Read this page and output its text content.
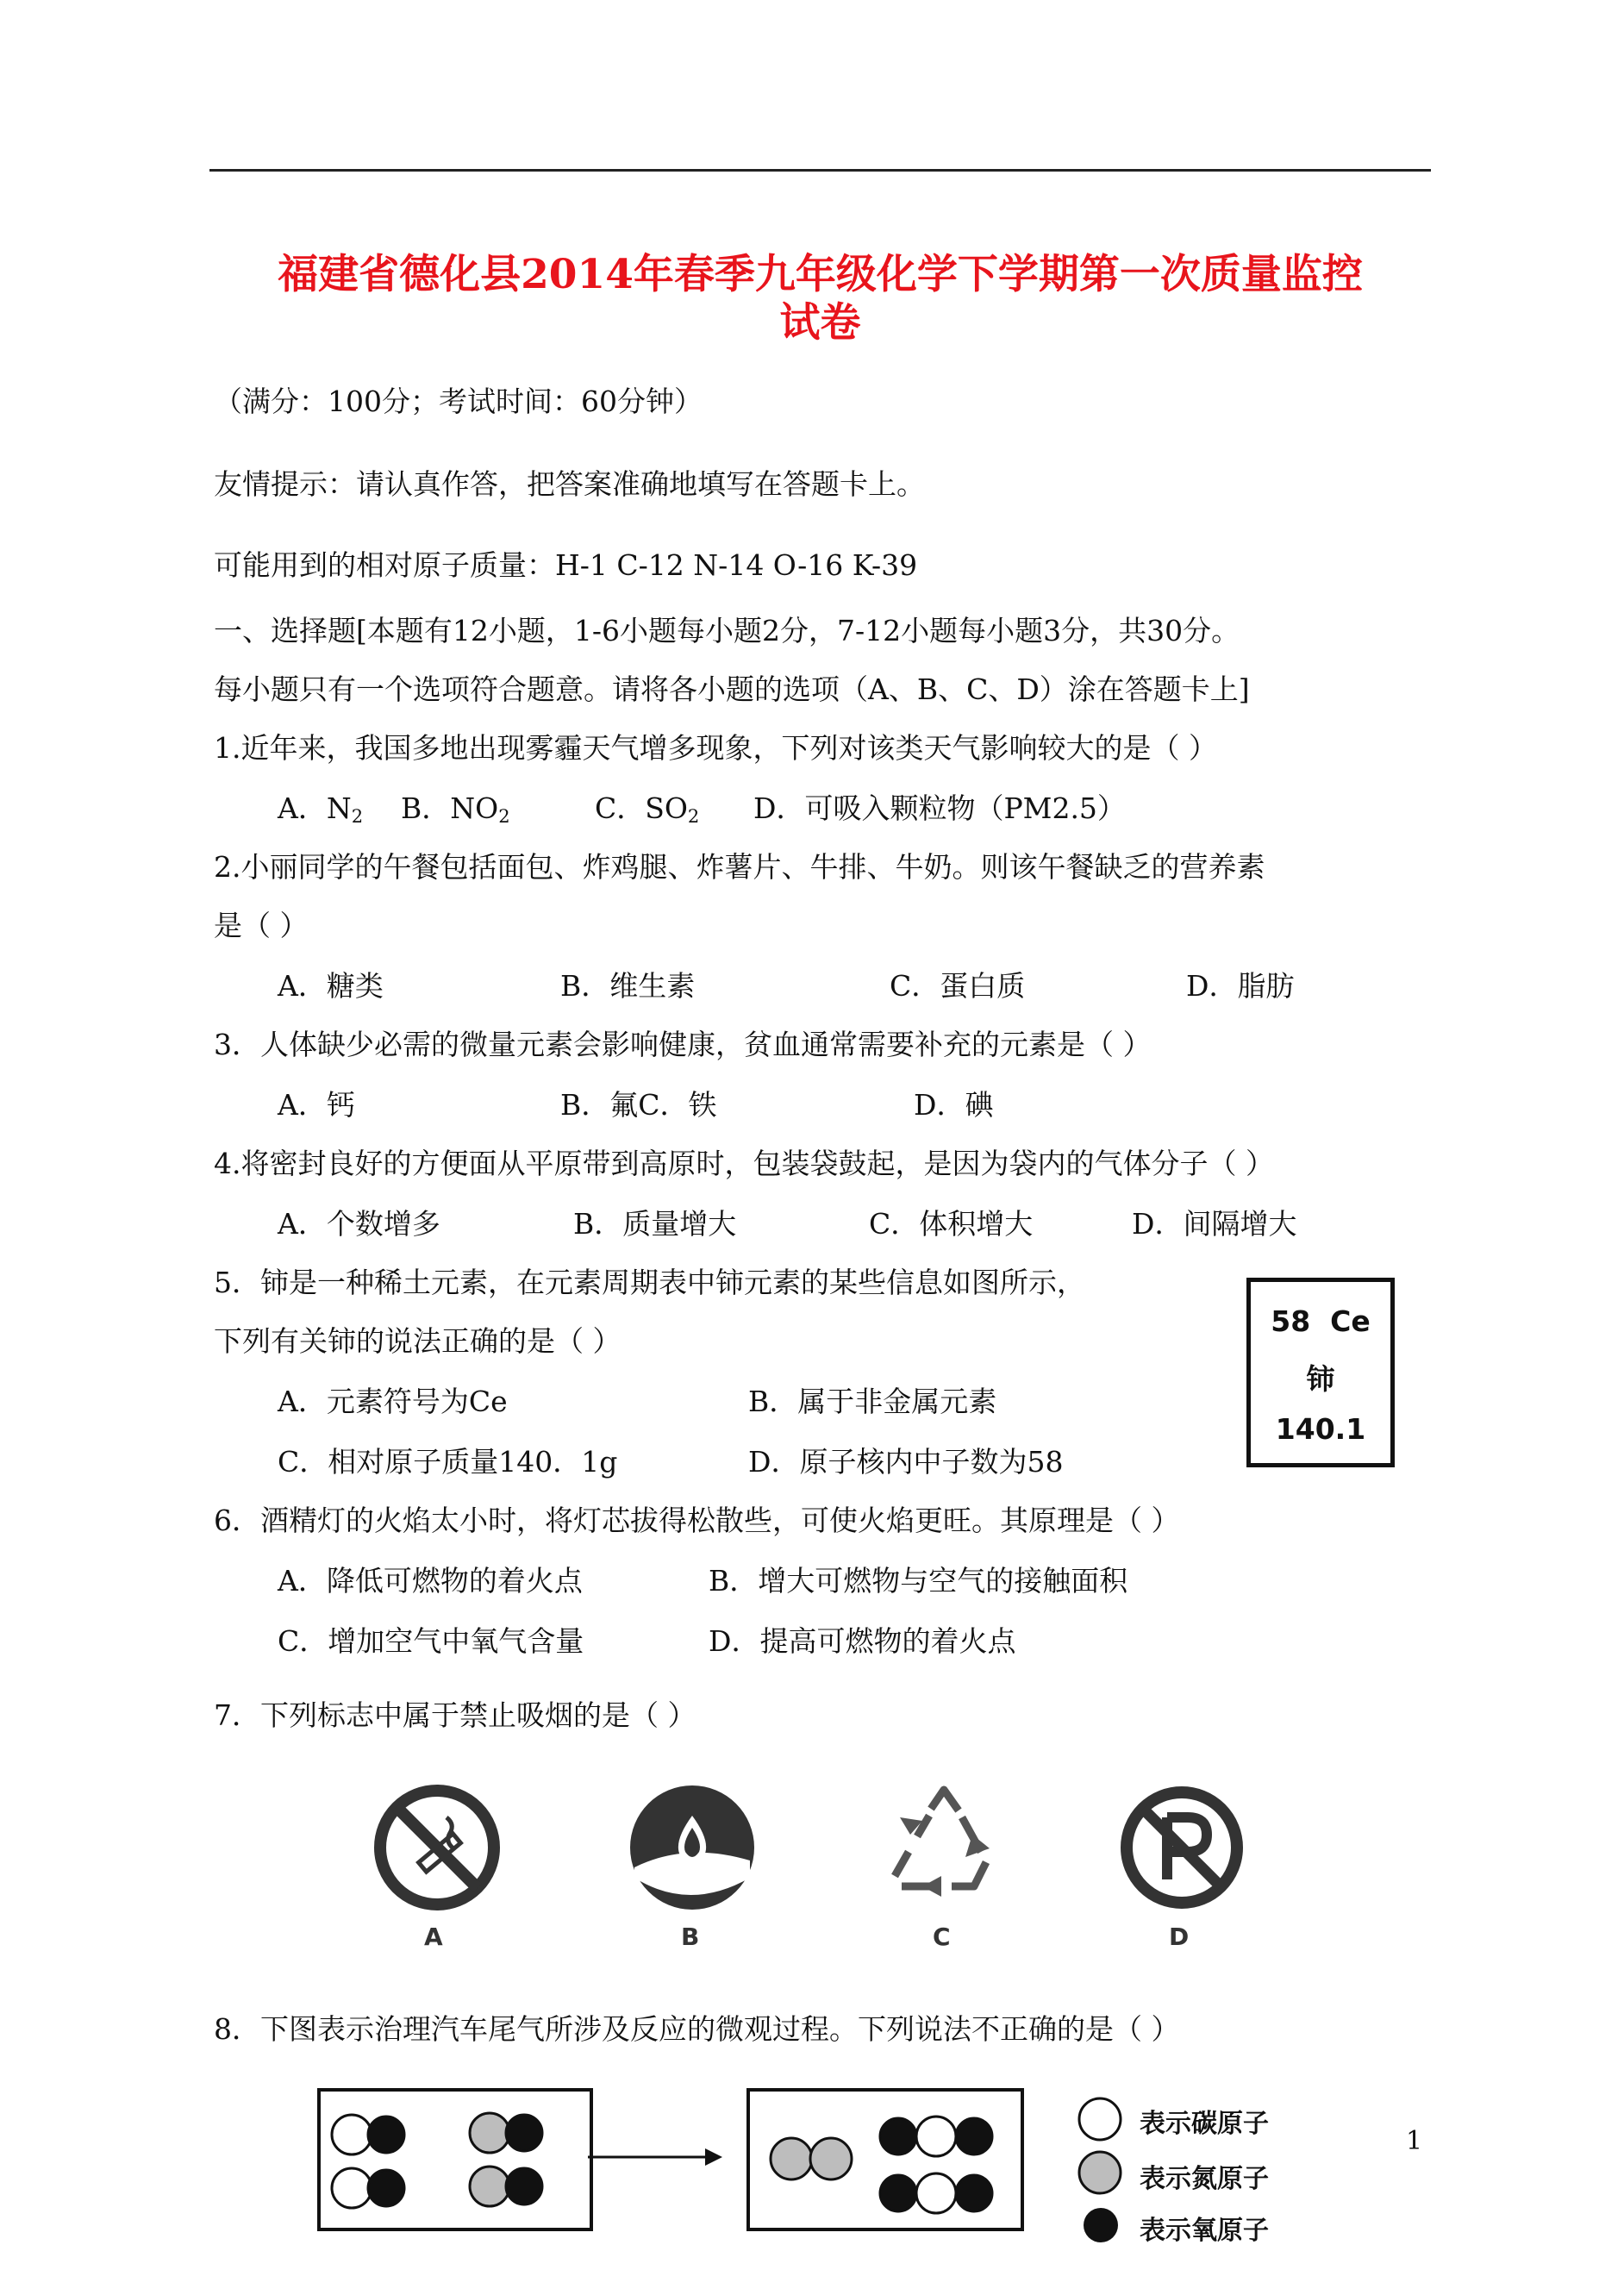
福建省德化县2014年春季九年级化学下学期第一次质量监控
试卷
（满分：100分；考试时间：60分钟）
友情提示：请认真作答，把答案准确地填写在答题卡上。
可能用到的相对原子质量：H-1 C-12 N-14 O-16 K-39
一、选择题[本题有12小题，1-6小题每小题2分，7-12小题每小题3分，共30分。
每小题只有一个选项符合题意。请将各小题的选项（A、B、C、D）涂在答题卡上]
1.近年来，我国多地出现雾霾天气增多现象，下列对该类天气影响较大的是（ ）
A．$N_2$ B．$NO_2$	C．$SO_2$ D．可吸入颗粒物（PM2.5）
2.小丽同学的午餐包括面包、炸鸡腿、炸薯片、牛排、牛奶。则该午餐缺乏的营养素
是（ ）
A．糖类	B．维生素	C．蛋白质	D．脂肪
3．人体缺少必需的微量元素会影响健康，贫血通常需要补充的元素是（ ）
A．钙	B．氟C．铁	D．碘
4.将密封良好的方便面从平原带到高原时，包装袋鼓起，是因为袋内的气体分子（ ）
A．个数增多	B．质量增大	C．体积增大	D．间隔增大
5．铈是一种稀土元素，在元素周期表中铈元素的某些信息如图所示，
下列有关铈的说法正确的是（ ）
A．元素符号为Ce	B．属于非金属元素
C．相对原子质量140．1g	D．原子核内中子数为58
58  Ce
铈
140.1
6．酒精灯的火焰太小时，将灯芯拔得松散些，可使火焰更旺。其原理是（ ）
A．降低可燃物的着火点	B．增大可燃物与空气的接触面积
C．增加空气中氧气含量	D．提高可燃物的着火点
7．下列标志中属于禁止吸烟的是（ ）
A	B	C	D
8．下图表示治理汽车尾气所涉及反应的微观过程。下列说法不正确的是（ ）
表示碳原子
表示氮原子
表示氧原子
1
